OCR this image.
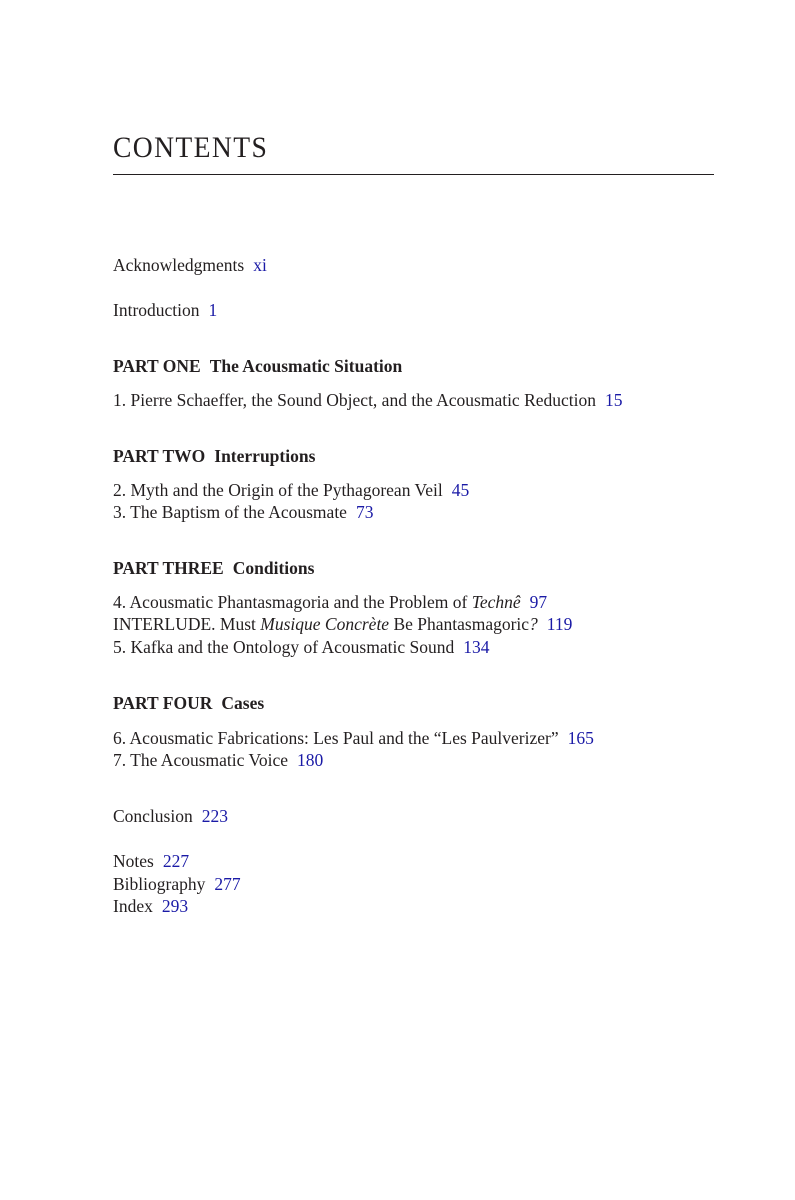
CONTENTS
Acknowledgments xi
Introduction 1
PART ONE The Acousmatic Situation
1. Pierre Schaeffer, the Sound Object, and the Acousmatic Reduction 15
PART TWO Interruptions
2. Myth and the Origin of the Pythagorean Veil 45
3. The Baptism of the Acousmate 73
PART THREE Conditions
4. Acousmatic Phantasmagoria and the Problem of Technê 97
INTERLUDE. Must Musique Concrète Be Phantasmagoric? 119
5. Kafka and the Ontology of Acousmatic Sound 134
PART FOUR Cases
6. Acousmatic Fabrications: Les Paul and the “Les Paulverizer” 165
7. The Acousmatic Voice 180
Conclusion 223
Notes 227
Bibliography 277
Index 293
